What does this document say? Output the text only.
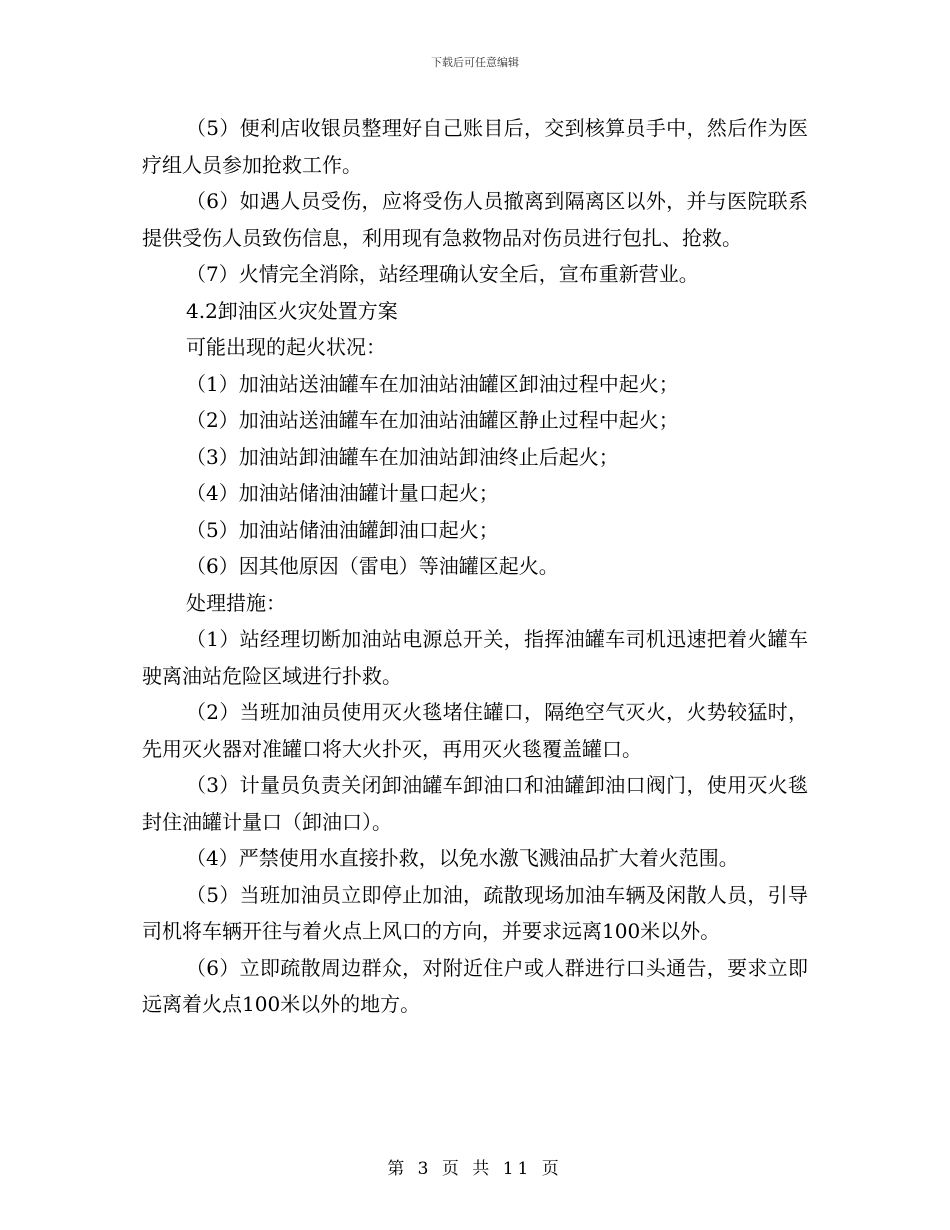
下载后可任意编辑

（5）便利店收银员整理好自己账目后，交到核算员手中，然后作为医疗组人员参加抢救工作。

（6）如遇人员受伤，应将受伤人员撤离到隔离区以外，并与医院联系提供受伤人员致伤信息，利用现有急救物品对伤员进行包扎、抢救。

（7）火情完全消除，站经理确认安全后，宣布重新营业。

4.2卸油区火灾处置方案

可能出现的起火状况：

（1）加油站送油罐车在加油站油罐区卸油过程中起火；

（2）加油站送油罐车在加油站油罐区静止过程中起火；

（3）加油站卸油罐车在加油站卸油终止后起火；

（4）加油站储油油罐计量口起火；

（5）加油站储油油罐卸油口起火；

（6）因其他原因（雷电）等油罐区起火。

处理措施：

（1）站经理切断加油站电源总开关，指挥油罐车司机迅速把着火罐车驶离油站危险区域进行扑救。

（2）当班加油员使用灭火毯堵住罐口，隔绝空气灭火，火势较猛时，先用灭火器对准罐口将大火扑灭，再用灭火毯覆盖罐口。

（3）计量员负责关闭卸油罐车卸油口和油罐卸油口阀门，使用灭火毯封住油罐计量口（卸油口）。

（4）严禁使用水直接扑救，以免水激飞溅油品扩大着火范围。

（5）当班加油员立即停止加油，疏散现场加油车辆及闲散人员，引导司机将车辆开往与着火点上风口的方向，并要求远离100米以外。

（6）立即疏散周边群众，对附近住户或人群进行口头通告，要求立即远离着火点100米以外的地方。

第 3 页 共 11 页
